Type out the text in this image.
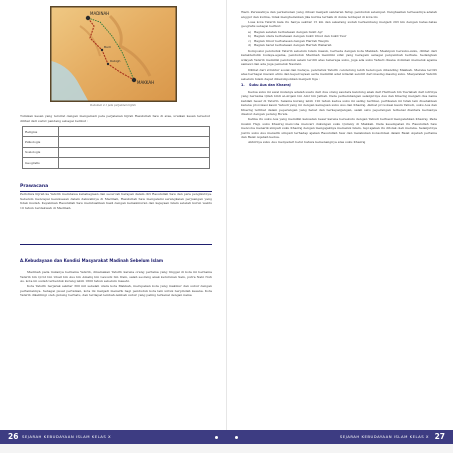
MADINAH
MAKKAH
Badr
Rabigh
Dokumen 2.1 peta perjalanan hijrah

Tuliskan kesan yang tersirat dengan mengamati peta perjalanan hijrah Rasulullah Saw di atas, uraikan kesan tersebut dilihat dari sudut pandang sebagai berikut :

Religius	
Psikologis	
Sosiologis	
Geografis	
Prawacana

Peristiwa hijrah ke Yatsrib membawa kebahagiaan dan secercah harapan dalam diri Rasulullah Saw dan para pengikutnya. Sebelum mencapai kesuksesan dalam dakwahnya di Madinah, Rasulullah Saw mengalami serangkaian perjuangan yang tidak mudah. Keyakinan Rasulullah Saw membuahkan hasil dengan kemakmuran dan kejayaan Islam setelah kurun waktu 10 tahun berdakwah di Madinah.

A.Kebudayaan dan Kondisi Masyarakat Madinah Sebelum Islam

Madinah pada mulanya bernama Yatsrib, dinamakan Yatsrib karena orang pertama yang tinggal di kota ini bernama Yatsrib bin Qo'id bin Ubail bin Aus bin Amaliq bin Lawudz bin Iram, salah seorang anak keturunan Sam, putra Nabi Nuh As. kota ini sudah terbentuk kurang lebih 1600 tahun sebelum masehi.

Kota Yatsrib berjarak sekitar 300 mil sebelah utara kota Makkah, merupakan kota yang makmur dan subur dengan pertaniannya. Sebagai pusat pertanian, kota ini menjadi menarik bagi penduduk kota lain untuk berpindah kesana. Kota Yatsrib dikelilingi oleh gunung berbatu, dan terdapat lembah-lembah subur yang paling terkenal dengan nama

Wadi. Perawatnya dan perkebunan yang dibuat menjadi sandaran hidup penduduk setempat. Penghasilan terbesarnya adalah anggur dan kurma, tidak mengherankan jika kurma terbaik di dunia terdapat di kota ini.

Luas kota Yatsrib kala itu hanya sekitar 15 km dan sekarang sudah berkembang menjadi 293 km dengan batas-batas geografis sebagai berikut:

a) Bagian selatan berbatasan dengan bukit Ayr
b) Bagian utara berbatasan dengan bukit Uhud dan bukit Tsur
c)	Bagian timur berbatasan dengan Harrah Waqim
d) Bagian barat berbatasan dengan Harrah Wabarah

Komposisi penduduk Yatsrib sebelum Islam masuk, berbeda dengan kota Makkah. Meskipun bersuku-suku, dilihat dari karakteristik budaya-agama, penduduk Madinah memiliki sifat yang beragam sebagai penyembah berhala. Sedangkan wilayah Yatsrib memiliki penduduk selain terdiri atas beberapa suku, juga ada suku Yahudi disana dominan memeluk agama samawi dan ada juga pemeluk Nasrani.

Dilihat dari struktur sosial dan budaya, penduduk Yatsrib cenderung lebih heterogen dibanding Makkah. Mereka terdiri atas berbagai macam etnis dan kepercayaan serta memiliki adat istiadat sendiri dari masing-masing suku. Masyarakat Yatsrib sebelum Islam dapat dikelompokkan menjadi tiga :

1.	Suku Aus dan Khazraj

Kedua suku ini awal mulanya adalah suatu dari dua orang saudara kandung anak dari Haritsah bin Tsa'labah dari istrinya yang bernama Qilah binti al-Arqam bin Amr bin Jafnah. Pada perkembangan selanjutnya Aus dan Khazraj menjadi dua nama kabilah besar di Yatsrib. Selama kurang lebih 120 tahun kedua suku ini saling bertikai, pertikaian ini tidak lain disebabkan karena provokasi kaum Yahudi yang ini dengan kemajuan suku Aus dan Khazraj. Akibat provokasi kaum Yahudi, suku Aus dan Khazraj terlibat dalam peperangan yang hebat dan berkepanjangan, salah satu peperangan terkenal diantara keduanya disebut dengan perang Bu'ats.

Ketika itu suku Aus yang memiliki kekuatan besar karena bersekutu dengan Yahudi berhasil mengalahkan Khazraj. Pada musim Haji, suku Khazraj mencoba mencari dukungan suku Quraisy di Makkah. Pada kesempatan itu Rasulullah Saw mencoba menarik simpati suku Khazraj dengan mengajaknya memeluk Islam, tapi ajakan itu ditolak oleh mereka. Selanjutnya justru suku Aus menarik simpati terhadap ajakan Rasulullah Saw dan melakukan konsolidasi dalam Baiat Aqabah pertama dan Baiat Aqabah kedua.

Akhirnya suku Aus menyadari betul bahwa kemenangnya atas suku Khazraj

26 SEJARAH KEBUDAYAAN ISLAM KELAS X	SEJARAH KEBUDAYAAN ISLAM KELAS X 27
